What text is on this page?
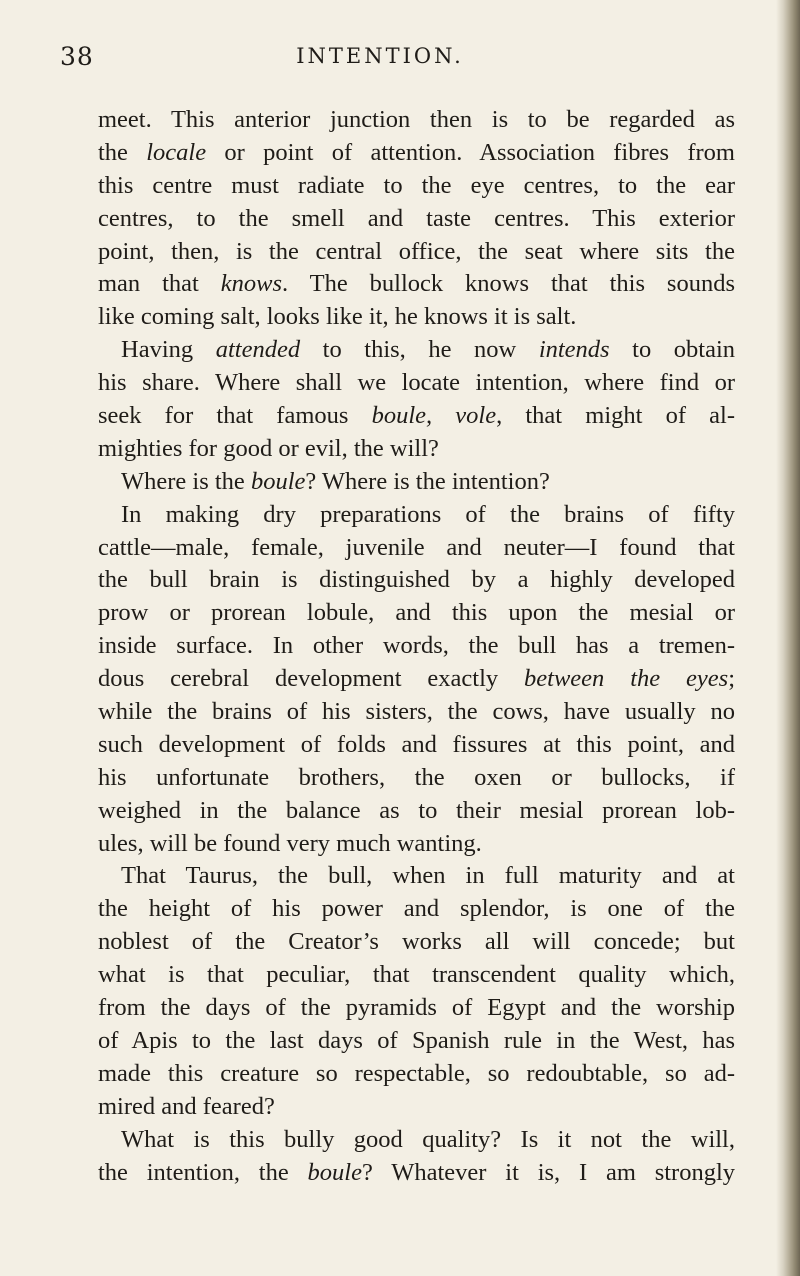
38	INTENTION.
meet. This anterior junction then is to be regarded as
the locale or point of attention. Association fibres from
this centre must radiate to the eye centres, to the ear
centres, to the smell and taste centres. This exterior
point, then, is the central office, the seat where sits the
man that knows. The bullock knows that this sounds
like coming salt, looks like it, he knows it is salt.
Having attended to this, he now intends to obtain
his share. Where shall we locate intention, where find or
seek for that famous boule, vole, that might of al-
mighties for good or evil, the will?
Where is the boule? Where is the intention?
In making dry preparations of the brains of fifty
cattle—male, female, juvenile and neuter—I found that
the bull brain is distinguished by a highly developed
prow or prorean lobule, and this upon the mesial or
inside surface. In other words, the bull has a tremen-
dous cerebral development exactly between the eyes;
while the brains of his sisters, the cows, have usually no
such development of folds and fissures at this point, and
his unfortunate brothers, the oxen or bullocks, if
weighed in the balance as to their mesial prorean lob-
ules, will be found very much wanting.
That Taurus, the bull, when in full maturity and at
the height of his power and splendor, is one of the
noblest of the Creator’s works all will concede; but
what is that peculiar, that transcendent quality which,
from the days of the pyramids of Egypt and the worship
of Apis to the last days of Spanish rule in the West, has
made this creature so respectable, so redoubtable, so ad-
mired and feared?
What is this bully good quality? Is it not the will,
the intention, the boule? Whatever it is, I am strongly
